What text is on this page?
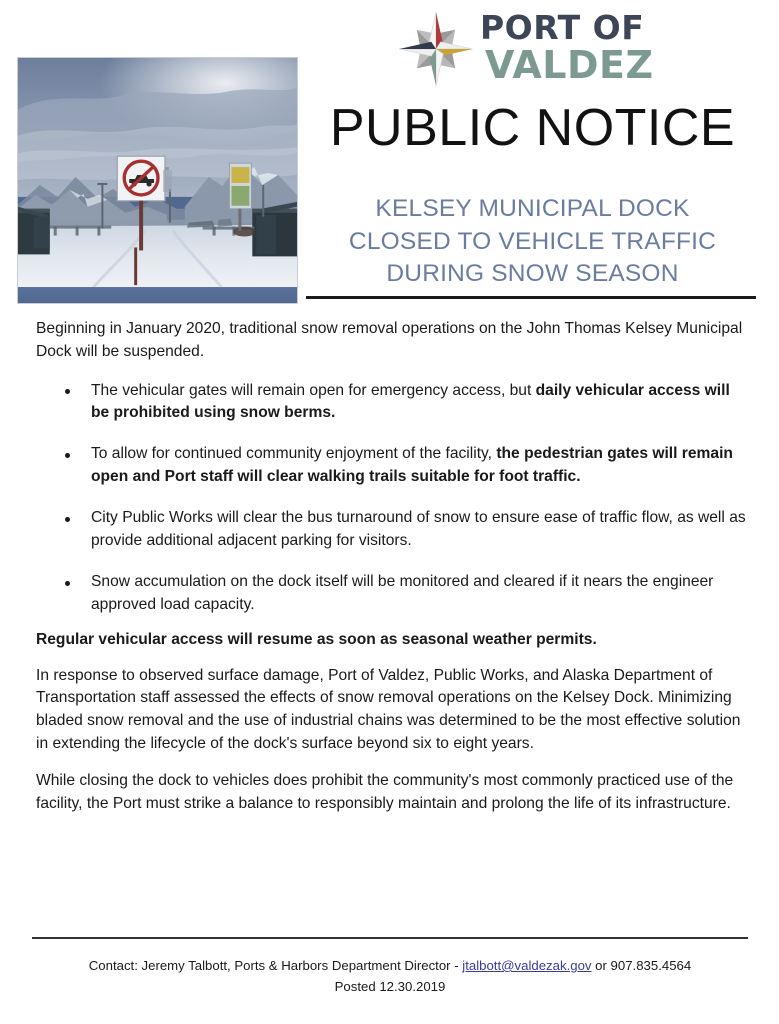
PORT OF
VALDEZ
PUBLIC NOTICE
KELSEY MUNICIPAL DOCK
CLOSED TO VEHICLE TRAFFIC
DURING SNOW SEASON

Beginning in January 2020, traditional snow removal operations on the John Thomas Kelsey Municipal Dock will be suspended.

The vehicular gates will remain open for emergency access, but daily vehicular access will be prohibited using snow berms.
To allow for continued community enjoyment of the facility, the pedestrian gates will remain open and Port staff will clear walking trails suitable for foot traffic.
City Public Works will clear the bus turnaround of snow to ensure ease of traffic flow, as well as provide additional adjacent parking for visitors.
Snow accumulation on the dock itself will be monitored and cleared if it nears the engineer approved load capacity.

Regular vehicular access will resume as soon as seasonal weather permits.

In response to observed surface damage, Port of Valdez, Public Works, and Alaska Department of Transportation staff assessed the effects of snow removal operations on the Kelsey Dock. Minimizing bladed snow removal and the use of industrial chains was determined to be the most effective solution in extending the lifecycle of the dock's surface beyond six to eight years.

While closing the dock to vehicles does prohibit the community's most commonly practiced use of the facility, the Port must strike a balance to responsibly maintain and prolong the life of its infrastructure.

Contact: Jeremy Talbott, Ports & Harbors Department Director - jtalbott@valdezak.gov or 907.835.4564
Posted 12.30.2019
